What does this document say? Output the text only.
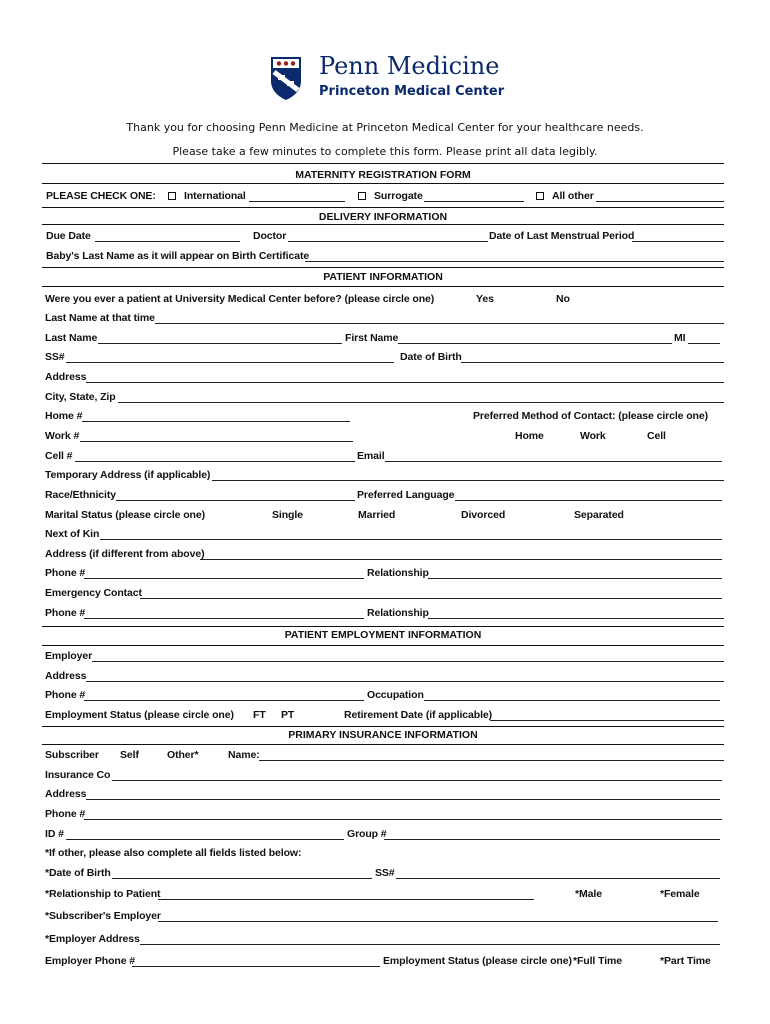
Penn Medicine
Princeton Medical Center
Thank you for choosing Penn Medicine at Princeton Medical Center for your healthcare needs.
Please take a few minutes to complete this form. Please print all data legibly.
MATERNITY REGISTRATION FORM
PLEASE CHECK ONE:	International	Surrogate	All other
DELIVERY INFORMATION
Due Date	Doctor	Date of Last Menstrual Period
Baby's Last Name as it will appear on Birth Certificate
PATIENT INFORMATION
Were you ever a patient at University Medical Center before? (please circle one)	Yes	No
Last Name at that time
Last Name	First Name	MI
SS#	Date of Birth
Address
City, State, Zip
Home #	Preferred Method of Contact: (please circle one)
Work #	Home	Work	Cell
Cell #	Email
Temporary Address (if applicable)
Race/Ethnicity	Preferred Language
Marital Status (please circle one)	Single	Married	Divorced	Separated
Next of Kin
Address (if different from above)
Phone #	Relationship
Emergency Contact
Phone #	Relationship
PATIENT EMPLOYMENT INFORMATION
Employer
Address
Phone #	Occupation
Employment Status (please circle one) FT PT	Retirement Date (if applicable)
PRIMARY INSURANCE INFORMATION
Subscriber Self	Other*	Name:
Insurance Co
Address
Phone #
ID #	Group #
*If other, please also complete all fields listed below:
*Date of Birth	SS#
*Relationship to Patient	*Male	*Female
*Subscriber's Employer
*Employer Address
Employer Phone #	Employment Status (please circle one) *Full Time	*Part Time
